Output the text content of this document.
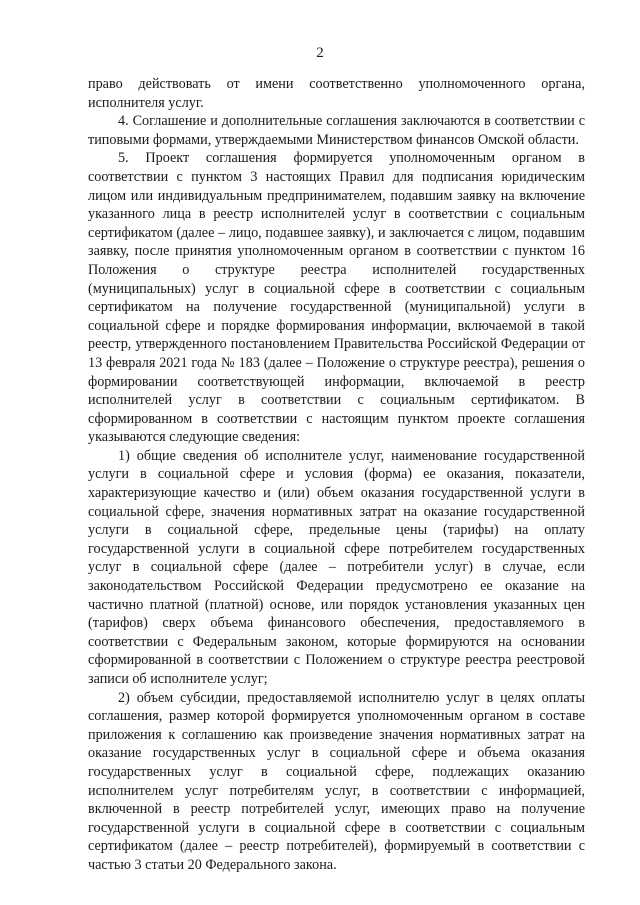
2

право действовать от имени соответственно уполномоченного органа, исполнителя услуг.

4. Соглашение и дополнительные соглашения заключаются в соответствии с типовыми формами, утверждаемыми Министерством финансов Омской области.

5. Проект соглашения формируется уполномоченным органом в соответствии с пунктом 3 настоящих Правил для подписания юридическим лицом или индивидуальным предпринимателем, подавшим заявку на включение указанного лица в реестр исполнителей услуг в соответствии с социальным сертификатом (далее – лицо, подавшее заявку), и заключается с лицом, подавшим заявку, после принятия уполномоченным органом в соответствии с пунктом 16 Положения о структуре реестра исполнителей государственных (муниципальных) услуг в социальной сфере в соответствии с социальным сертификатом на получение государственной (муниципальной) услуги в социальной сфере и порядке формирования информации, включаемой в такой реестр, утвержденного постановлением Правительства Российской Федерации от 13 февраля 2021 года № 183 (далее – Положение о структуре реестра), решения о формировании соответствующей информации, включаемой в реестр исполнителей услуг в соответствии с социальным сертификатом. В сформированном в соответствии с настоящим пунктом проекте соглашения указываются следующие сведения:

1) общие сведения об исполнителе услуг, наименование государственной услуги в социальной сфере и условия (форма) ее оказания, показатели, характеризующие качество и (или) объем оказания государственной услуги в социальной сфере, значения нормативных затрат на оказание государственной услуги в социальной сфере, предельные цены (тарифы) на оплату государственной услуги в социальной сфере потребителем государственных услуг в социальной сфере (далее – потребители услуг) в случае, если законодательством Российской Федерации предусмотрено ее оказание на частично платной (платной) основе, или порядок установления указанных цен (тарифов) сверх объема финансового обеспечения, предоставляемого в соответствии с Федеральным законом, которые формируются на основании сформированной в соответствии с Положением о структуре реестра реестровой записи об исполнителе услуг;

2) объем субсидии, предоставляемой исполнителю услуг в целях оплаты соглашения, размер которой формируется уполномоченным органом в составе приложения к соглашению как произведение значения нормативных затрат на оказание государственных услуг в социальной сфере и объема оказания государственных услуг в социальной сфере, подлежащих оказанию исполнителем услуг потребителям услуг, в соответствии с информацией, включенной в реестр потребителей услуг, имеющих право на получение государственной услуги в социальной сфере в соответствии с социальным сертификатом (далее – реестр потребителей), формируемый в соответствии с частью 3 статьи 20 Федерального закона.
